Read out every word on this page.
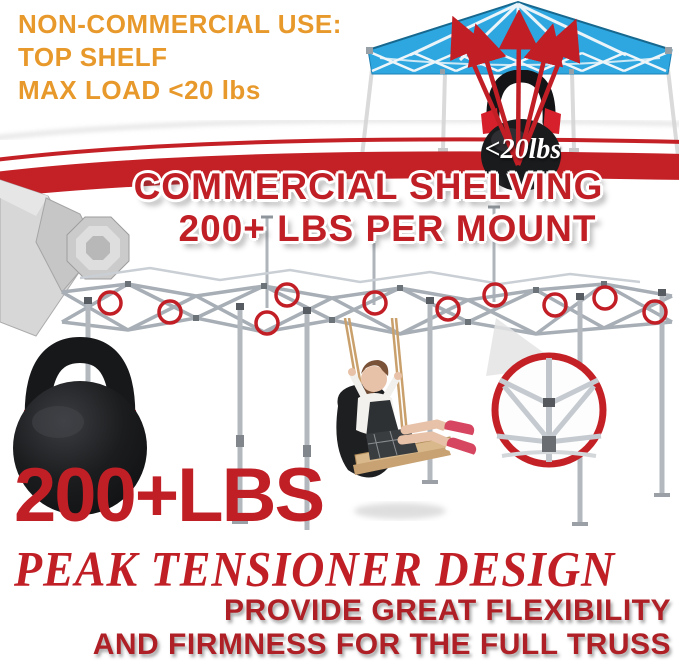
<20lbs
NON-COMMERCIAL USE:
TOP SHELF
MAX LOAD <20 lbs
COMMERCIAL SHELVING
200+ LBS PER MOUNT
200+LBS
PEAK TENSIONER DESIGN
PROVIDE GREAT FLEXIBILITY
AND FIRMNESS FOR THE FULL TRUSS
